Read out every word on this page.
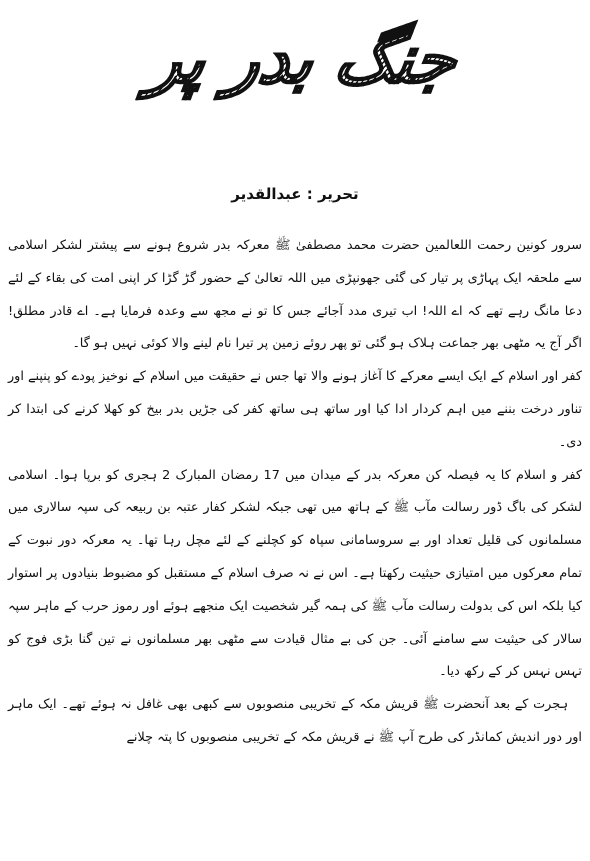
جنگ بدر پر
تحریر : عبدالقدیر

سرور کونین رحمت اللعالمین حضرت محمد مصطفیٰ ﷺ معرکہ بدر شروع ہونے سے پیشتر لشکر اسلامی سے ملحقہ ایک پہاڑی پر تیار کی گئی جھونپڑی میں اللہ تعالیٰ کے حضور گڑ گڑا کر اپنی امت کی بقاء کے لئے دعا مانگ رہے تھے کہ اے اللہ! اب تیری مدد آجائے جس کا تو نے مجھ سے وعدہ فرمایا ہے۔ اے قادر مطلق! اگر آج یہ مٹھی بھر جماعت ہلاک ہو گئی تو پھر روئے زمین پر تیرا نام لینے والا کوئی نہیں ہو گا۔

کفر اور اسلام کے ایک ایسے معرکے کا آغاز ہونے والا تھا جس نے حقیقت میں اسلام کے نوخیز پودے کو پنپنے اور تناور درخت بننے میں اہم کردار ادا کیا اور ساتھ ہی ساتھ کفر کی جڑیں بدر بیخ کو کھلا کرنے کی ابتدا کر دی۔

کفر و اسلام کا یہ فیصلہ کن معرکہ بدر کے میدان میں 17 رمضان المبارک 2 ہجری کو برپا ہوا۔ اسلامی لشکر کی باگ ڈور رسالت مآب ﷺ کے ہاتھ میں تھی جبکہ لشکر کفار عتبہ بن ربیعہ کی سپہ سالاری میں مسلمانوں کی قلیل تعداد اور بے سروسامانی سپاہ کو کچلنے کے لئے مچل رہا تھا۔ یہ معرکہ دور نبوت کے تمام معرکوں میں امتیازی حیثیت رکھتا ہے۔ اس نے نہ صرف اسلام کے مستقبل کو مضبوط بنیادوں پر استوار کیا بلکہ اس کی بدولت رسالت مآب ﷺ کی ہمہ گیر شخصیت ایک منجھے ہوئے اور رموز حرب کے ماہر سپہ سالار کی حیثیت سے سامنے آئی۔ جن کی بے مثال قیادت سے مٹھی بھر مسلمانوں نے تین گنا بڑی فوج کو تہس نہس کر کے رکھ دیا۔

ہجرت کے بعد آنحضرت ﷺ قریش مکہ کے تخریبی منصوبوں سے کبھی بھی غافل نہ ہوئے تھے۔ ایک ماہر اور دور اندیش کمانڈر کی طرح آپ ﷺ نے قریش مکہ کے تخریبی منصوبوں کا پتہ چلانے
